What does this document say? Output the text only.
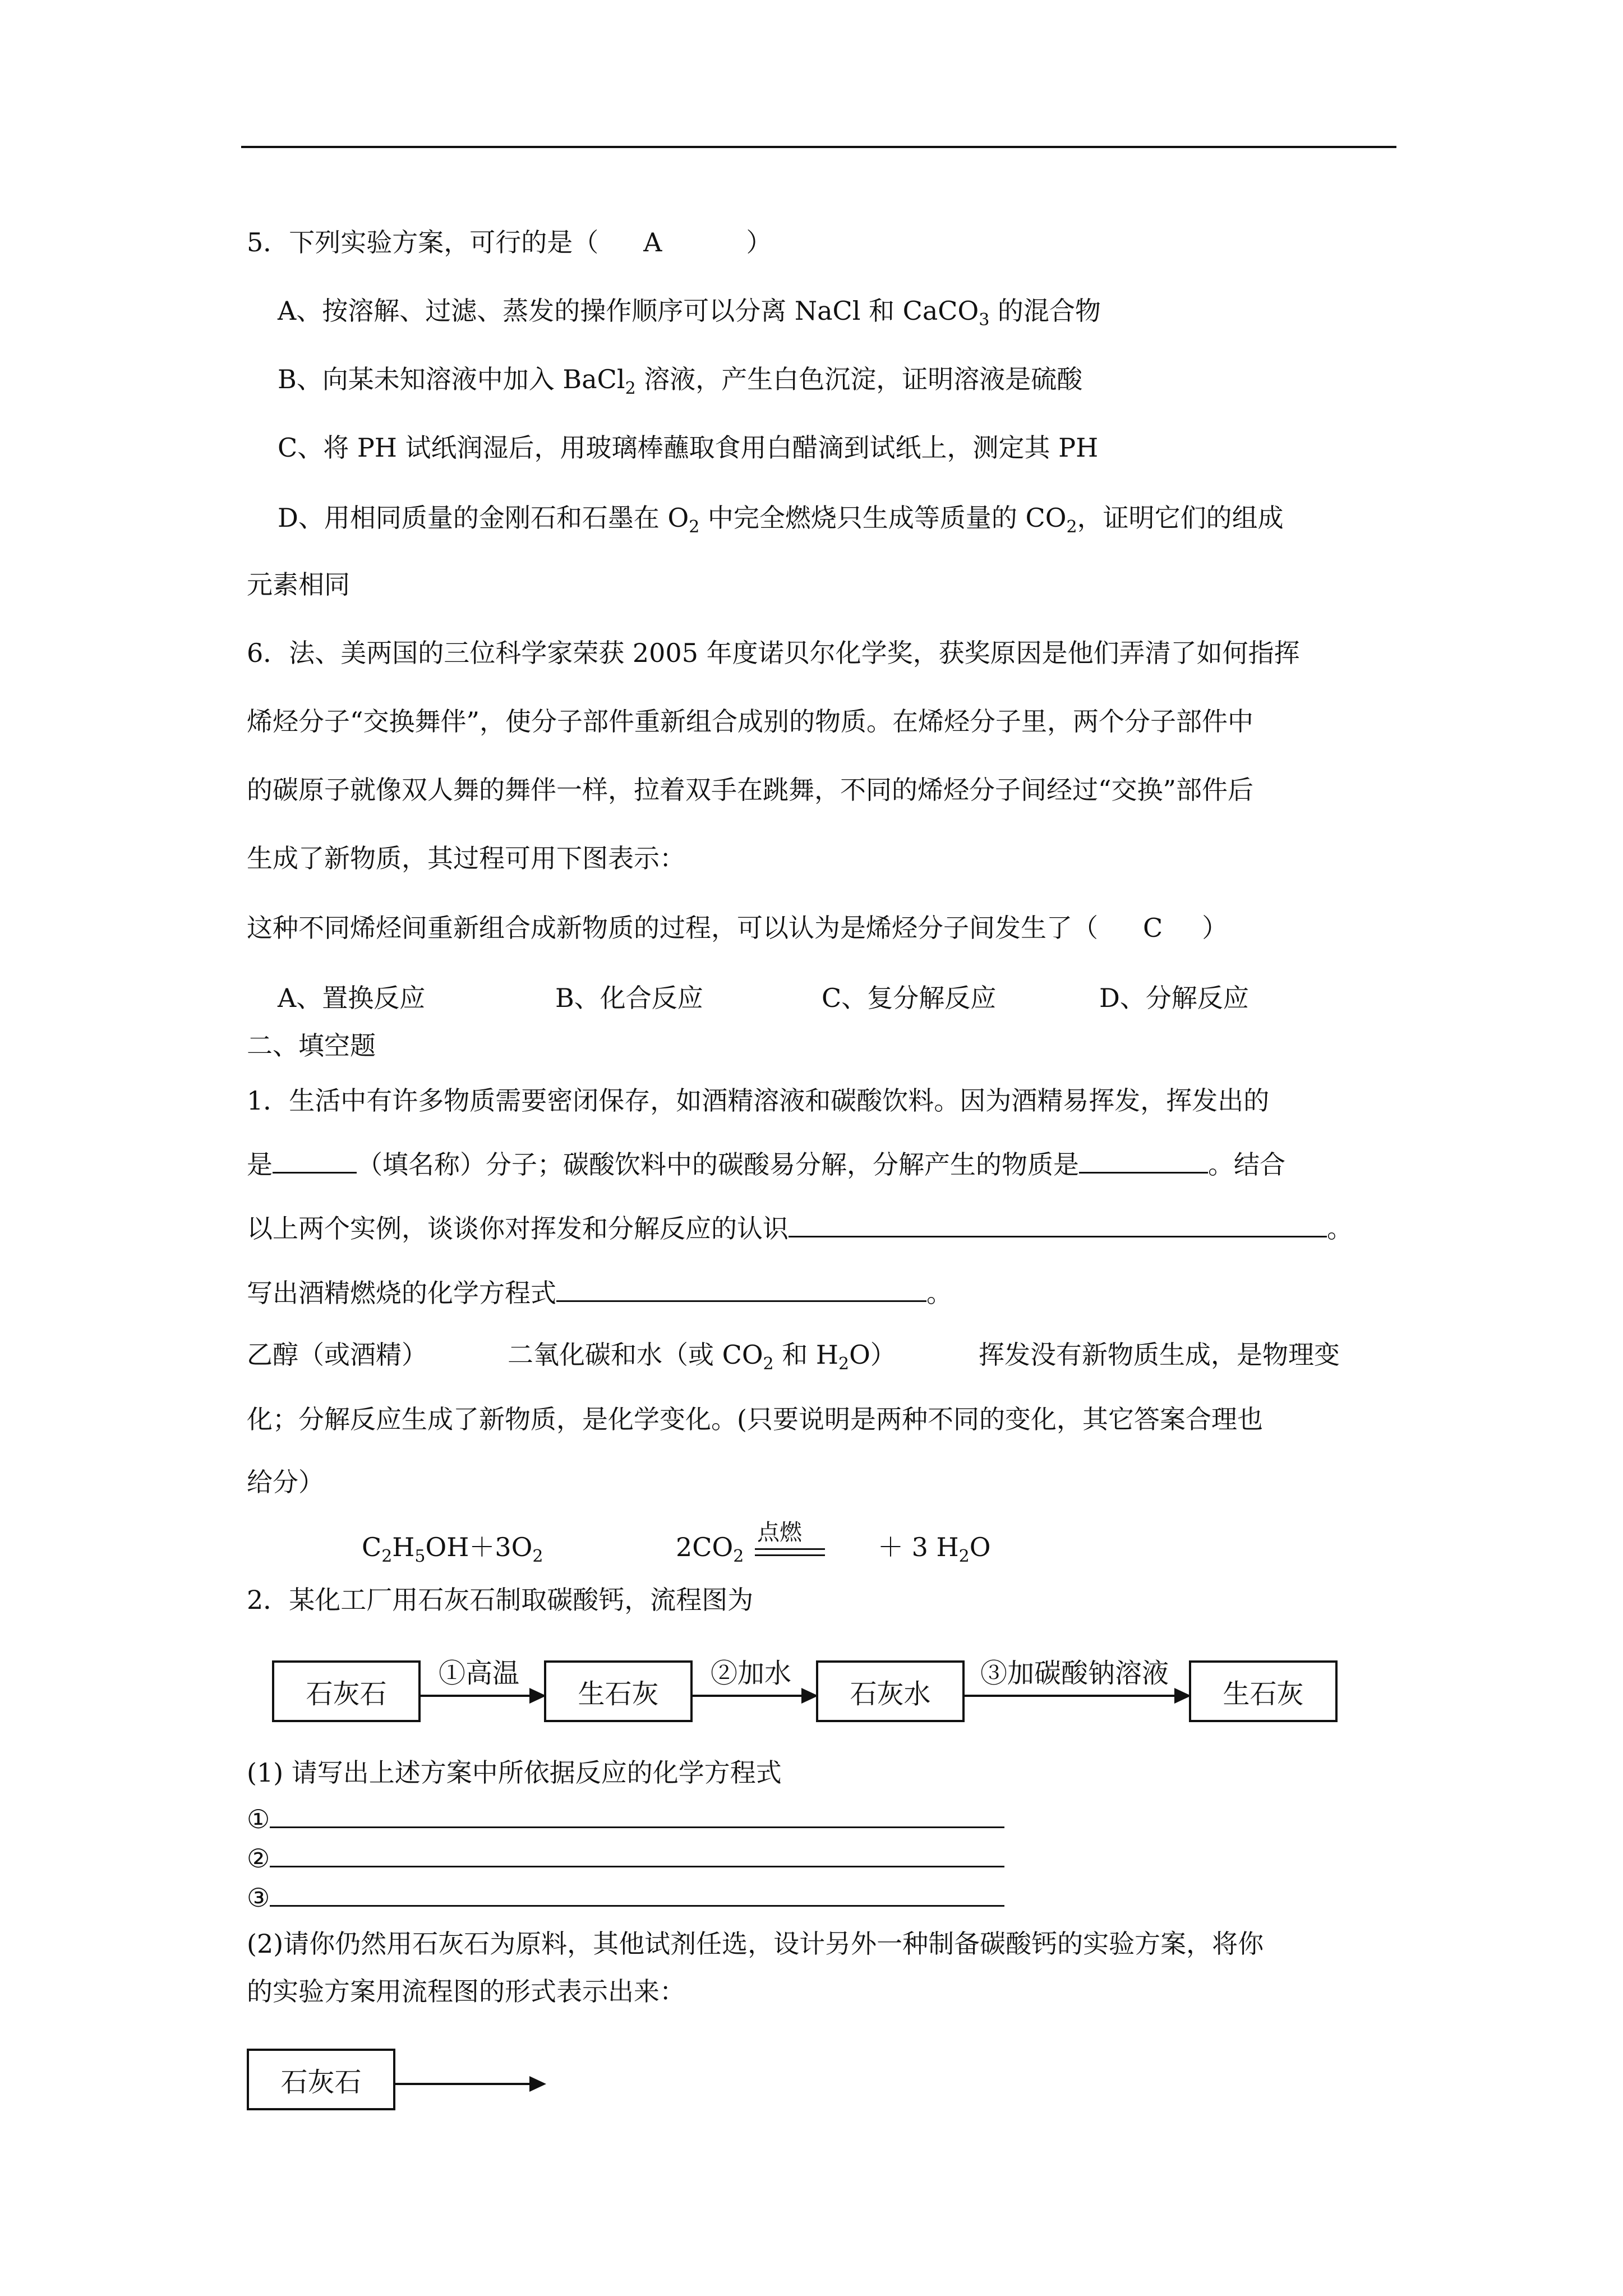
5．下列实验方案，可行的是（ A	）
A、按溶解、过滤、蒸发的操作顺序可以分离 NaCl 和 CaCO$_3$ 的混合物
B、向某未知溶液中加入 BaCl$_2$ 溶液，产生白色沉淀，证明溶液是硫酸
C、将 PH 试纸润湿后，用玻璃棒蘸取食用白醋滴到试纸上，测定其 PH
D、用相同质量的金刚石和石墨在 $O_2$ 中完全燃烧只生成等质量的 $CO_2$，证明它们的组成
元素相同
6．法、美两国的三位科学家荣获 2005 年度诺贝尔化学奖，获奖原因是他们弄清了如何指挥
烯烃分子“交换舞伴”，使分子部件重新组合成别的物质。在烯烃分子里，两个分子部件中
的碳原子就像双人舞的舞伴一样，拉着双手在跳舞，不同的烯烃分子间经过“交换”部件后
生成了新物质，其过程可用下图表示：
这种不同烯烃间重新组合成新物质的过程，可以认为是烯烃分子间发生了（ C ）
A、置换反应	B、化合反应	C、复分解反应	D、分解反应
二、填空题
1．生活中有许多物质需要密闭保存，如酒精溶液和碳酸饮料。因为酒精易挥发，挥发出的
是	（填名称）分子；碳酸饮料中的碳酸易分解，分解产生的物质是	。结合
以上两个实例，谈谈你对挥发和分解反应的认识	。
写出酒精燃烧的化学方程式	。
乙醇（或酒精）	二氧化碳和水（或 $CO_2$ 和 $H_2O$）	挥发没有新物质生成，是物理变
化；分解反应生成了新物质，是化学变化。(只要说明是两种不同的变化，其它答案合理也
给分）
$C_2H_5OH+3O_2$	$2CO_2$
点燃	＋ 3 $H_2O$
2．某化工厂用石灰石制取碳酸钙，流程图为
石灰石
①高温
生石灰
②加水
石灰水
③加碳酸钠溶液
生石灰
(1) 请写出上述方案中所依据反应的化学方程式
①
②
③
(2)请你仍然用石灰石为原料，其他试剂任选，设计另外一种制备碳酸钙的实验方案，将你
的实验方案用流程图的形式表示出来：
石灰石
